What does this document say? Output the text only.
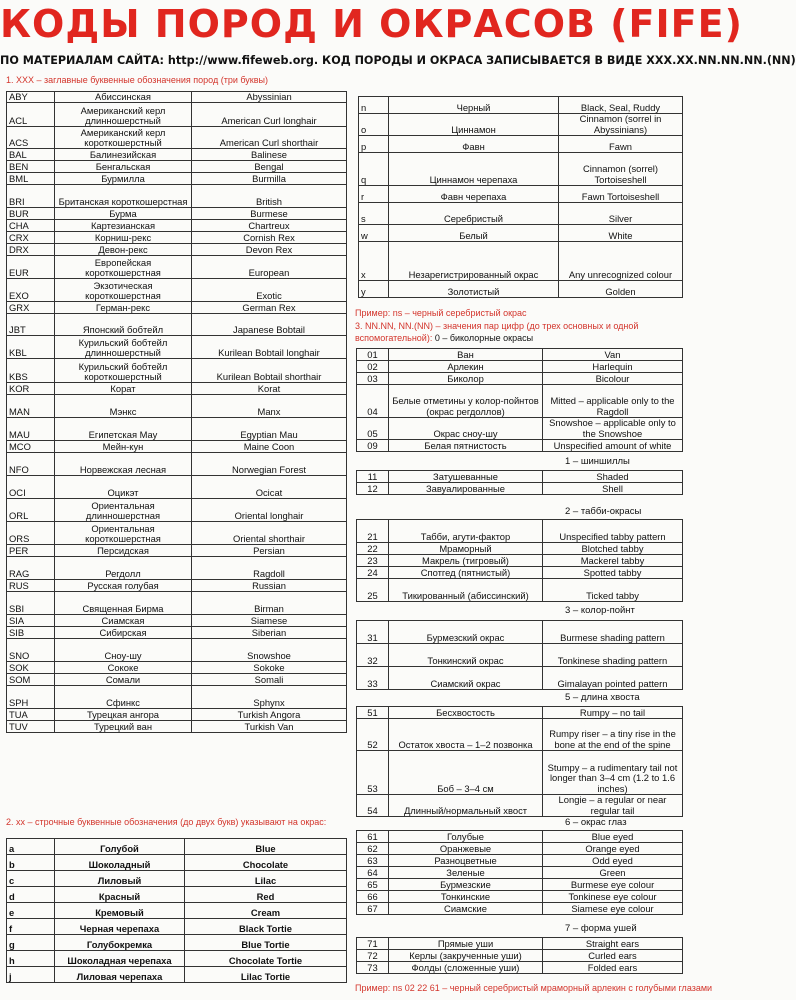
КОДЫ ПОРОД И ОКРАСОВ (FIFE)
ПО МАТЕРИАЛАМ САЙТА: http://www.fifeweb.org. КОД ПОРОДЫ И ОКРАСА ЗАПИСЫВАЕТСЯ В ВИДЕ XXX.XX.NN.NN.NN.(NN)
1. XXX – заглавные буквенные обозначения пород (три буквы)
ABY	Абиссинская	Abyssinian
ACL	Американский керл длинношерстный	American Curl longhair
ACS	Американский керл короткошерстный	American Curl shorthair
BAL	Балинезийская	Balinese
BEN	Бенгальская	Bengal
BML	Бурмилла	Burmilla
BRI	Британская короткошерстная	British
BUR	Бурма	Burmese
CHA	Картезианская	Chartreux
CRX	Корниш-рекс	Cornish Rex
DRX	Девон-рекс	Devon Rex
EUR	Европейская короткошерстная	European
EXO	Экзотическая короткошерстная	Exotic
GRX	Герман-рекс	German Rex
JBT	Японский бобтейл	Japanese Bobtail
KBL	Курильский бобтейл длинношерстный	Kurilean Bobtail longhair
KBS	Курильский бобтейл короткошерстный	Kurilean Bobtail shorthair
KOR	Корат	Korat
MAN	Мэнкс	Manx
MAU	Египетская Мау	Egyptian Mau
MCO	Мейн-кун	Maine Coon
NFO	Норвежская лесная	Norwegian Forest
OCI	Оцикэт	Ocicat
ORL	Ориентальная длинношерстная	Oriental longhair
ORS	Ориентальная короткошерстная	Oriental shorthair
PER	Персидская	Persian
RAG	Регдолл	Ragdoll
RUS	Русская голубая	Russian
SBI	Священная Бирма	Birman
SIA	Сиамская	Siamese
SIB	Сибирская	Siberian
SNO	Сноу-шу	Snowshoe
SOK	Сококе	Sokoke
SOM	Сомали	Somali
SPH	Сфинкс	Sphynx
TUA	Турецкая ангора	Turkish Angora
TUV	Турецкий ван	Turkish Van
2. xx – строчные буквенные обозначения (до двух букв) указывают на окрас:
a	Голубой	Blue
b	Шоколадный	Chocolate
c	Лиловый	Lilac
d	Красный	Red
e	Кремовый	Cream
f	Черная черепаха	Black Tortie
g	Голубокремка	Blue Tortie
h	Шоколадная черепаха	Chocolate Tortie
j	Лиловая черепаха	Lilac Tortie
n	Черный	Black, Seal, Ruddy
o	Циннамон	Cinnamon (sorrel in Abyssinians)
p	Фавн	Fawn
q	Циннамон черепаха	Cinnamon (sorrel) Tortoiseshell
r	Фавн черепаха	Fawn Tortoiseshell
s	Серебристый	Silver
w	Белый	White
x	Незарегистрированный окрас	Any unrecognized colour
y	Золотистый	Golden
Пример: ns – черный серебристый окрас
3. NN.NN, NN.(NN) – значения пар цифр (до трех основных и одной
вспомогательной): 0 – биколорные окрасы
01	Ван	Van
02	Арлекин	Harlequin
03	Биколор	Bicolour
04	Белые отметины у колор-пойнтов (окрас регдоллов)	Mitted – applicable only to the Ragdoll
05	Окрас сноу-шу	Snowshoe – applicable only to the Snowshoe
09	Белая пятнистость	Unspecified amount of white
1 – шиншиллы
11	Затушеванные	Shaded
12	Завуалированные	Shell
2 – табби-окрасы
21	Табби, агути-фактор	Unspecified tabby pattern
22	Мраморный	Blotched tabby
23	Макрель (тигровый)	Mackerel tabby
24	Спотгед (пятнистый)	Spotted tabby
25	Тикированный (абиссинский)	Ticked tabby
3 – колор-пойнт
31	Бурмезский окрас	Burmese shading pattern
32	Тонкинский окрас	Tonkinese shading pattern
33	Сиамский окрас	Gimalayan pointed pattern
5 – длина хвоста
51	Бесхвостость	Rumpy – no tail
52	Остаток хвоста – 1–2 позвонка	Rumpy riser – a tiny rise in the bone at the end of the spine
53	Боб – 3–4 см	Stumpy – a rudimentary tail not longer than 3–4 cm (1.2 to 1.6 inches)
54	Длинный/нормальный хвост	Longie – a regular or near regular tail
6 – окрас глаз
61	Голубые	Blue eyed
62	Оранжевые	Orange eyed
63	Разноцветные	Odd eyed
64	Зеленые	Green
65	Бурмезские	Burmese eye colour
66	Тонкинские	Tonkinese eye colour
67	Сиамские	Siamese eye colour
7 – форма ушей
71	Прямые уши	Straight ears
72	Керлы (закрученные уши)	Curled ears
73	Фолды (сложенные уши)	Folded ears
Пример: ns 02 22 61 – черный серебристый мраморный арлекин с голубыми глазами
